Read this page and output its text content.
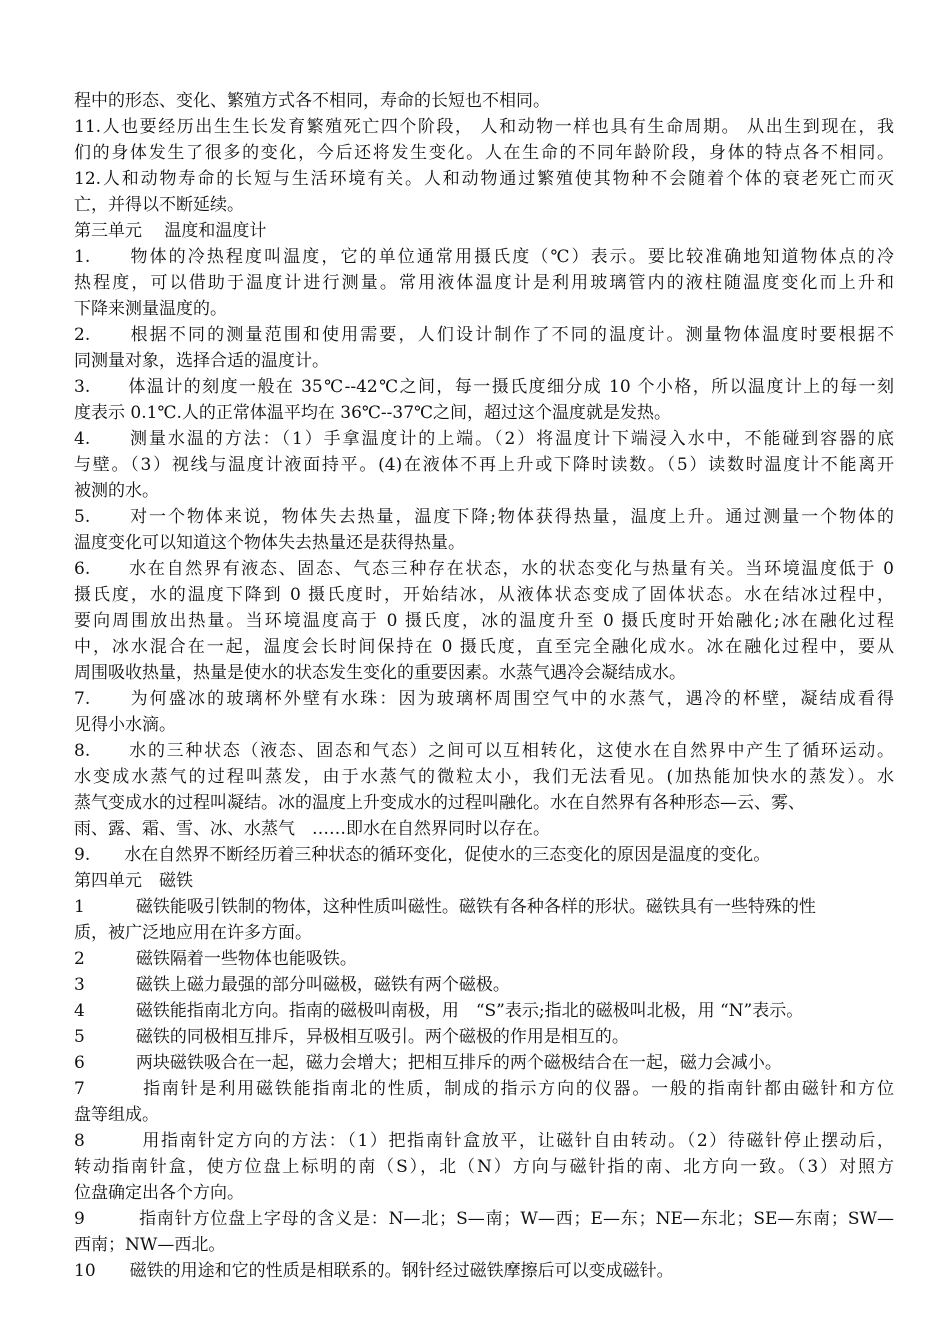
程中的形态、变化、繁殖方式各不相同，寿命的长短也不相同。
11.人也要经历出生生长发育繁殖死亡四个阶段， 人和动物一样也具有生命周期。 从出生到现在，我
们的身体发生了很多的变化，今后还将发生变化。人在生命的不同年龄阶段，身体的特点各不相同。
12.人和动物寿命的长短与生活环境有关。人和动物通过繁殖使其物种不会随着个体的衰老死亡而灭
亡，并得以不断延续。
第三单元　 温度和温度计
1.　　物体的冷热程度叫温度，它的单位通常用摄氏度（℃）表示。要比较准确地知道物体点的冷
热程度，可以借助于温度计进行测量。常用液体温度计是利用玻璃管内的液柱随温度变化而上升和
下降来测量温度的。
2.　　根据不同的测量范围和使用需要，人们设计制作了不同的温度计。测量物体温度时要根据不
同测量对象，选择合适的温度计。
3.　　体温计的刻度一般在 35℃--42℃之间，每一摄氏度细分成 10 个小格，所以温度计上的每一刻
度表示 0.1℃.人的正常体温平均在 36℃--37℃之间，超过这个温度就是发热。
4.　　测量水温的方法：（1）手拿温度计的上端。（2）将温度计下端浸入水中，不能碰到容器的底
与壁。（3）视线与温度计液面持平。(4)在液体不再上升或下降时读数。（5）读数时温度计不能离开
被测的水。
5.　　对一个物体来说，物体失去热量，温度下降;物体获得热量，温度上升。通过测量一个物体的
温度变化可以知道这个物体失去热量还是获得热量。
6.　　水在自然界有液态、固态、气态三种存在状态，水的状态变化与热量有关。当环境温度低于 0
摄氏度，水的温度下降到 0 摄氏度时，开始结冰，从液体状态变成了固体状态。水在结冰过程中，
要向周围放出热量。当环境温度高于 0 摄氏度，冰的温度升至 0 摄氏度时开始融化;冰在融化过程
中，冰水混合在一起，温度会长时间保持在 0 摄氏度，直至完全融化成水。冰在融化过程中，要从
周围吸收热量，热量是使水的状态发生变化的重要因素。水蒸气遇冷会凝结成水。
7.　　为何盛冰的玻璃杯外壁有水珠：因为玻璃杯周围空气中的水蒸气，遇冷的杯壁，凝结成看得
见得小水滴。
8.　　水的三种状态（液态、固态和气态）之间可以互相转化，这使水在自然界中产生了循环运动。
水变成水蒸气的过程叫蒸发，由于水蒸气的微粒太小，我们无法看见。(加热能加快水的蒸发）。水
蒸气变成水的过程叫凝结。冰的温度上升变成水的过程叫融化。水在自然界有各种形态—云、雾、
雨、露、霜、雪、冰、水蒸气　……即水在自然界同时以存在。
9.　　水在自然界不断经历着三种状态的循环变化，促使水的三态变化的原因是温度的变化。
第四单元　磁铁
1　　　磁铁能吸引铁制的物体，这种性质叫磁性。磁铁有各种各样的形状。磁铁具有一些特殊的性
质，被广泛地应用在许多方面。
2　　　磁铁隔着一些物体也能吸铁。
3　　　磁铁上磁力最强的部分叫磁极，磁铁有两个磁极。
4　　　磁铁能指南北方向。指南的磁极叫南极，用　“S”表示;指北的磁极叫北极，用 “N”表示。
5　　　磁铁的同极相互排斥，异极相互吸引。两个磁极的作用是相互的。
6　　　两块磁铁吸合在一起，磁力会增大；把相互排斥的两个磁极结合在一起，磁力会减小。
7　　　指南针是利用磁铁能指南北的性质，制成的指示方向的仪器。一般的指南针都由磁针和方位
盘等组成。
8　　　用指南针定方向的方法：（1）把指南针盒放平，让磁针自由转动。（2）待磁针停止摆动后，
转动指南针盒，使方位盘上标明的南（S），北（N）方向与磁针指的南、北方向一致。（3）对照方
位盘确定出各个方向。
9　　　指南针方位盘上字母的含义是：N—北；S—南；W—西；E—东；NE—东北；SE—东南；SW—
西南；NW—西北。
10　　磁铁的用途和它的性质是相联系的。钢针经过磁铁摩擦后可以变成磁针。
